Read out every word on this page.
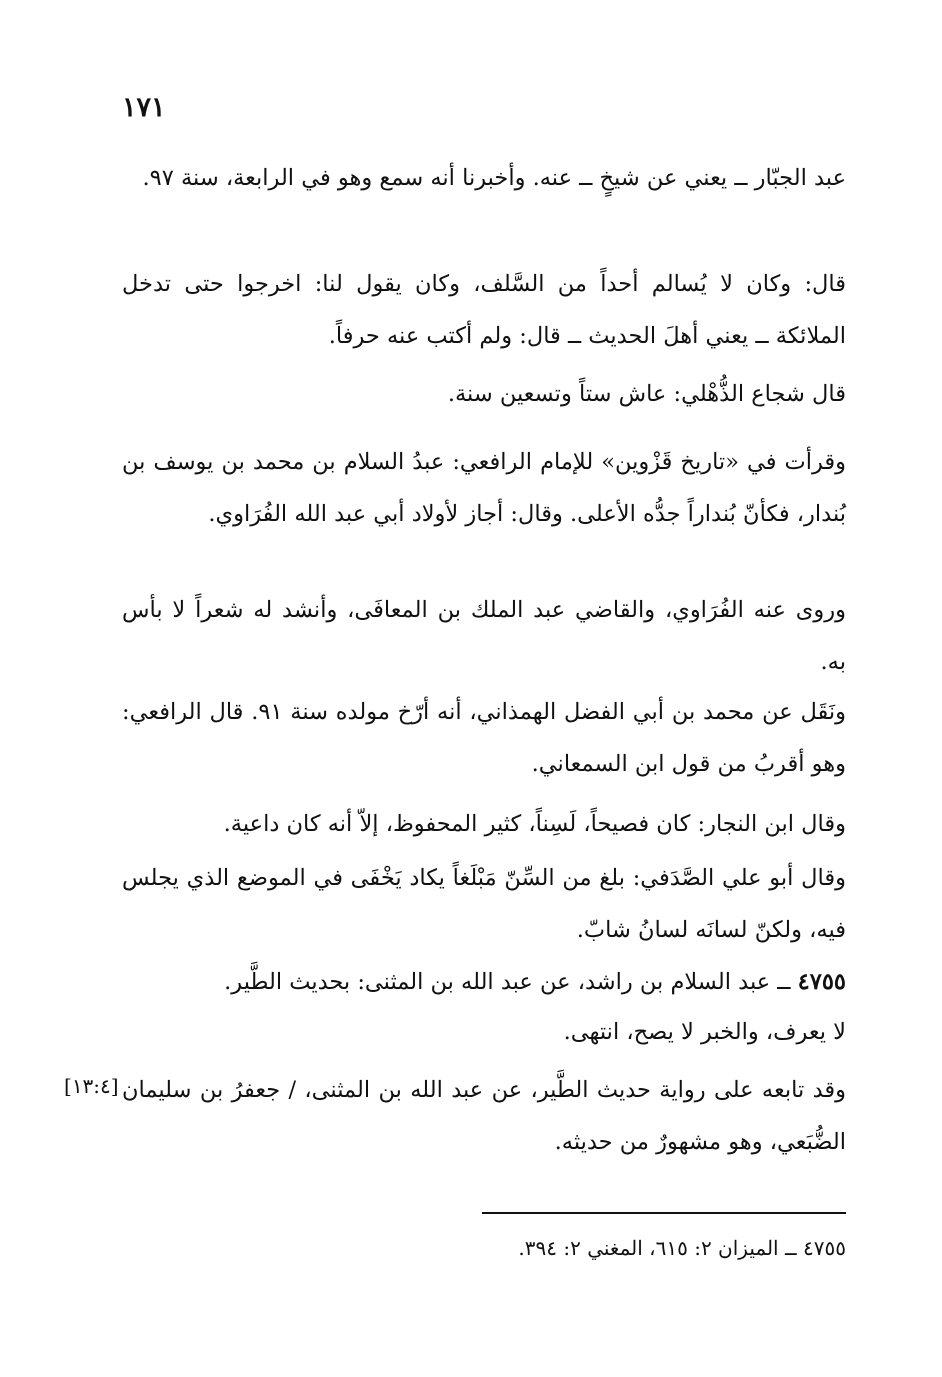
١٧١

عبد الجبّار ــ يعني عن شيخٍ ــ عنه. وأخبرنا أنه سمع وهو في الرابعة، سنة ٩٧.

قال: وكان لا يُسالم أحداً من السَّلف، وكان يقول لنا: اخرجوا حتى تدخل الملائكة ــ يعني أهلَ الحديث ــ قال: ولم أكتب عنه حرفاً.

قال شجاع الذُّهْلي: عاش ستاً وتسعين سنة.

وقرأت في «تاريخ قَزْوين» للإمام الرافعي: عبدُ السلام بن محمد بن يوسف بن بُندار، فكأنّ بُنداراً جدُّه الأعلى. وقال: أجاز لأولاد أبي عبد الله الفُرَاوي.

وروى عنه الفُرَاوي، والقاضي عبد الملك بن المعافَى، وأنشد له شعراً لا بأس به.

ونَقَل عن محمد بن أبي الفضل الهمذاني، أنه أرّخ مولده سنة ٩١. قال الرافعي: وهو أقربُ من قول ابن السمعاني.

وقال ابن النجار: كان فصيحاً، لَسِناً، كثير المحفوظ، إلاّ أنه كان داعية.

وقال أبو علي الصَّدَفي: بلغ من السِّنّ مَبْلَغاً يكاد يَخْفَى في الموضع الذي يجلس فيه، ولكنّ لسانَه لسانُ شابّ.

٤٧٥٥ ــ عبد السلام بن راشد، عن عبد الله بن المثنى: بحديث الطَّير.

لا يعرف، والخبر لا يصح، انتهى.

[١٣:٤] وقد تابعه على رواية حديث الطَّير، عن عبد الله بن المثنى، / جعفرُ بن سليمان الضُّبَعي، وهو مشهورٌ من حديثه.

٤٧٥٥ ــ الميزان ٢: ٦١٥، المغني ٢: ٣٩٤.
